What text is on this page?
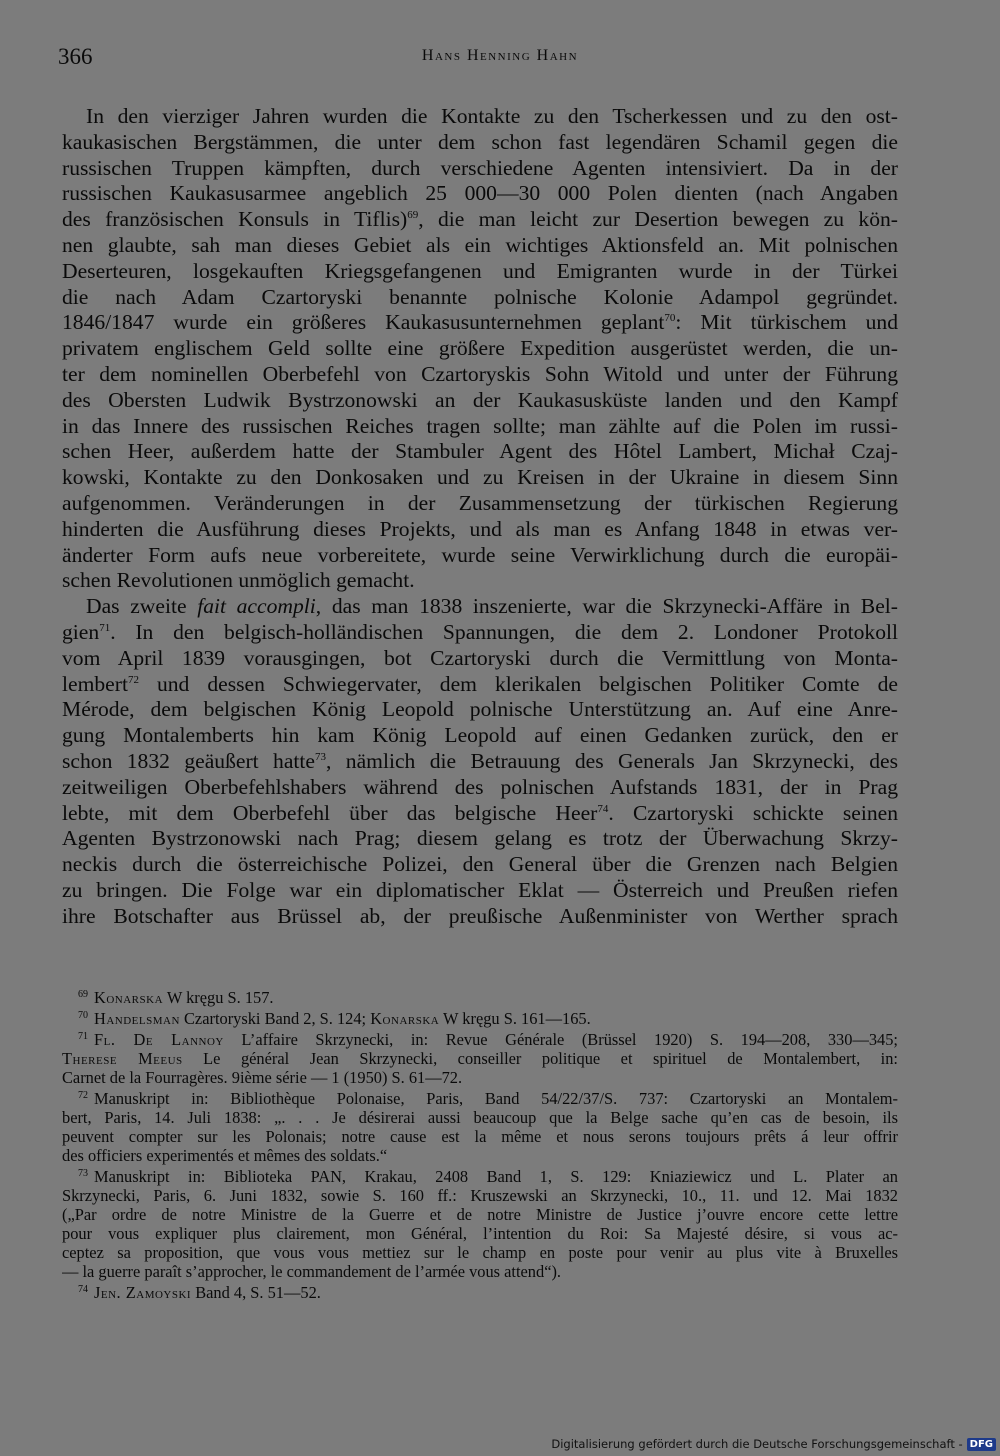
366	Hans Henning Hahn
In den vierziger Jahren wurden die Kontakte zu den Tscherkessen und zu den ost-
kaukasischen Bergstämmen, die unter dem schon fast legendären Schamil gegen die
russischen Truppen kämpften, durch verschiedene Agenten intensiviert. Da in der
russischen Kaukasusarmee angeblich 25 000—30 000 Polen dienten (nach Angaben
des französischen Konsuls in Tiflis)$^{69}$, die man leicht zur Desertion bewegen zu kön-
nen glaubte, sah man dieses Gebiet als ein wichtiges Aktionsfeld an. Mit polnischen
Deserteuren, losgekauften Kriegsgefangenen und Emigranten wurde in der Türkei
die nach Adam Czartoryski benannte polnische Kolonie Adampol gegründet.
1846/1847 wurde ein größeres Kaukasusunternehmen geplant$^{70}$: Mit türkischem und
privatem englischem Geld sollte eine größere Expedition ausgerüstet werden, die un-
ter dem nominellen Oberbefehl von Czartoryskis Sohn Witold und unter der Führung
des Obersten Ludwik Bystrzonowski an der Kaukasusküste landen und den Kampf
in das Innere des russischen Reiches tragen sollte; man zählte auf die Polen im russi-
schen Heer, außerdem hatte der Stambuler Agent des Hôtel Lambert, Michał Czaj-
kowski, Kontakte zu den Donkosaken und zu Kreisen in der Ukraine in diesem Sinn
aufgenommen. Veränderungen in der Zusammensetzung der türkischen Regierung
hinderten die Ausführung dieses Projekts, und als man es Anfang 1848 in etwas ver-
änderter Form aufs neue vorbereitete, wurde seine Verwirklichung durch die europäi-
schen Revolutionen unmöglich gemacht.
Das zweite fait accompli, das man 1838 inszenierte, war die Skrzynecki-Affäre in Bel-
gien$^{71}$. In den belgisch-holländischen Spannungen, die dem 2. Londoner Protokoll
vom April 1839 vorausgingen, bot Czartoryski durch die Vermittlung von Monta-
lembert$^{72}$ und dessen Schwiegervater, dem klerikalen belgischen Politiker Comte de
Mérode, dem belgischen König Leopold polnische Unterstützung an. Auf eine Anre-
gung Montalemberts hin kam König Leopold auf einen Gedanken zurück, den er
schon 1832 geäußert hatte$^{73}$, nämlich die Betrauung des Generals Jan Skrzynecki, des
zeitweiligen Oberbefehlshabers während des polnischen Aufstands 1831, der in Prag
lebte, mit dem Oberbefehl über das belgische Heer$^{74}$. Czartoryski schickte seinen
Agenten Bystrzonowski nach Prag; diesem gelang es trotz der Überwachung Skrzy-
neckis durch die österreichische Polizei, den General über die Grenzen nach Belgien
zu bringen. Die Folge war ein diplomatischer Eklat — Österreich und Preußen riefen
ihre Botschafter aus Brüssel ab, der preußische Außenminister von Werther sprach
$^{69}$ Konarska W kręgu S. 157.
$^{70}$ Handelsman Czartoryski Band 2, S. 124; Konarska W kręgu S. 161—165.
$^{71}$ Fl. De Lannoy L’affaire Skrzynecki, in: Revue Générale (Brüssel 1920) S. 194—208, 330—345;
Therese Meeus Le général Jean Skrzynecki, conseiller politique et spirituel de Montalembert, in:
Carnet de la Fourragères. 9ième série — 1 (1950) S. 61—72.
$^{72}$ Manuskript in: Bibliothèque Polonaise, Paris, Band 54/22/37/S. 737: Czartoryski an Montalem-
bert, Paris, 14. Juli 1838: „. . . Je désirerai aussi beaucoup que la Belge sache qu’en cas de besoin, ils
peuvent compter sur les Polonais; notre cause est la même et nous serons toujours prêts á leur offrir
des officiers experimentés et mêmes des soldats.“
$^{73}$ Manuskript in: Biblioteka PAN, Krakau, 2408 Band 1, S. 129: Kniaziewicz und L. Plater an
Skrzynecki, Paris, 6. Juni 1832, sowie S. 160 ff.: Kruszewski an Skrzynecki, 10., 11. und 12. Mai 1832
(„Par ordre de notre Ministre de la Guerre et de notre Ministre de Justice j’ouvre encore cette lettre
pour vous expliquer plus clairement, mon Général, l’intention du Roi: Sa Majesté désire, si vous ac-
ceptez sa proposition, que vous vous mettiez sur le champ en poste pour venir au plus vite à Bruxelles
— la guerre paraît s’approcher, le commandement de l’armée vous attend“).
$^{74}$ Jen. Zamoyski Band 4, S. 51—52.
Digitalisierung gefördert durch die Deutsche Forschungsgemeinschaft - DFG
